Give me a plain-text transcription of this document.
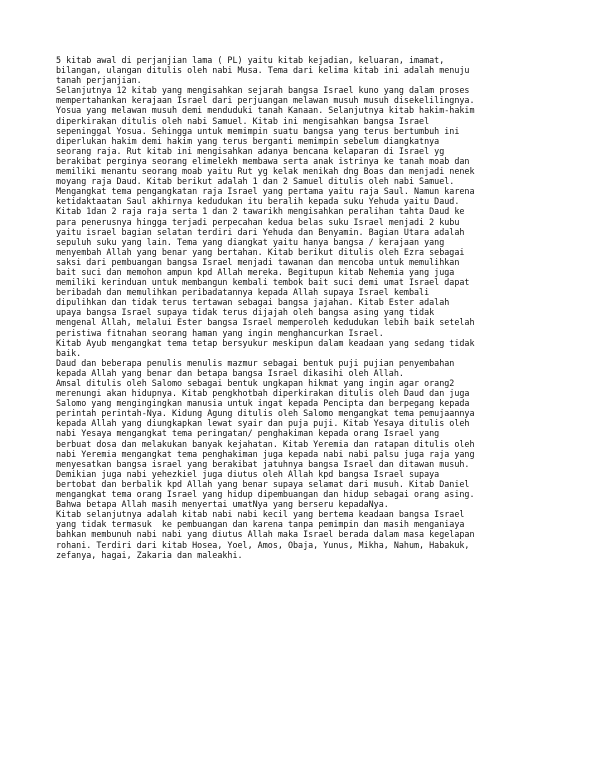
5 kitab awal di perjanjian lama ( PL) yaitu kitab kejadian, keluaran, imamat,
bilangan, ulangan ditulis oleh nabi Musa. Tema dari kelima kitab ini adalah menuju
tanah perjanjian.
Selanjutnya 12 kitab yang mengisahkan sejarah bangsa Israel kuno yang dalam proses
mempertahankan kerajaan Israel dari perjuangan melawan musuh musuh disekelilingnya.
Yosua yang melawan musuh demi menduduki tanah Kanaan. Selanjutnya kitab hakim-hakim
diperkirakan ditulis oleh nabi Samuel. Kitab ini mengisahkan bangsa Israel
sepeninggal Yosua. Sehingga untuk memimpin suatu bangsa yang terus bertumbuh ini
diperlukan hakim demi hakim yang terus berganti memimpin sebelum diangkatnya
seorang raja. Rut kitab ini mengisahkan adanya bencana kelaparan di Israel yg
berakibat perginya seorang elimelekh membawa serta anak istrinya ke tanah moab dan
memiliki menantu seorang moab yaitu Rut yg kelak menikah dng Boas dan menjadi nenek
moyang raja Daud. Kitab berikut adalah 1 dan 2 Samuel ditulis oleh nabi Samuel.
Mengangkat tema pengangkatan raja Israel yang pertama yaitu raja Saul. Namun karena
ketidaktaatan Saul akhirnya kedudukan itu beralih kepada suku Yehuda yaitu Daud.
Kitab 1dan 2 raja raja serta 1 dan 2 tawarikh mengisahkan peralihan tahta Daud ke
para penerusnya hingga terjadi perpecahan kedua belas suku Israel menjadi 2 kubu
yaitu israel bagian selatan terdiri dari Yehuda dan Benyamin. Bagian Utara adalah
sepuluh suku yang lain. Tema yang diangkat yaitu hanya bangsa / kerajaan yang
menyembah Allah yang benar yang bertahan. Kitab berikut ditulis oleh Ezra sebagai
saksi dari pembuangan bangsa Israel menjadi tawanan dan mencoba untuk memulihkan
bait suci dan memohon ampun kpd Allah mereka. Begitupun kitab Nehemia yang juga
memiliki kerinduan untuk membangun kembali tembok bait suci demi umat Israel dapat
beribadah dan memulihkan peribadatannya kepada Allah supaya Israel kembali
dipulihkan dan tidak terus tertawan sebagai bangsa jajahan. Kitab Ester adalah
upaya bangsa Israel supaya tidak terus dijajah oleh bangsa asing yang tidak
mengenal Allah, melalui Ester bangsa Israel memperoleh kedudukan lebih baik setelah
peristiwa fitnahan seorang haman yang ingin menghancurkan Israel.
Kitab Ayub mengangkat tema tetap bersyukur meskipun dalam keadaan yang sedang tidak
baik.
Daud dan beberapa penulis menulis mazmur sebagai bentuk puji pujian penyembahan
kepada Allah yang benar dan betapa bangsa Israel dikasihi oleh Allah.
Amsal ditulis oleh Salomo sebagai bentuk ungkapan hikmat yang ingin agar orang2
merenungi akan hidupnya. Kitab pengkhotbah diperkirakan ditulis oleh Daud dan juga
Salomo yang mengingingkan manusia untuk ingat kepada Pencipta dan berpegang kepada
perintah perintah-Nya. Kidung Agung ditulis oleh Salomo mengangkat tema pemujaannya
kepada Allah yang diungkapkan lewat syair dan puja puji. Kitab Yesaya ditulis oleh
nabi Yesaya mengangkat tema peringatan/ penghakiman kepada orang Israel yang
berbuat dosa dan melakukan banyak kejahatan. Kitab Yeremia dan ratapan ditulis oleh
nabi Yeremia mengangkat tema penghakiman juga kepada nabi nabi palsu juga raja yang
menyesatkan bangsa israel yang berakibat jatuhnya bangsa Israel dan ditawan musuh.
Demikian juga nabi yehezkiel juga diutus oleh Allah kpd bangsa Israel supaya
bertobat dan berbalik kpd Allah yang benar supaya selamat dari musuh. Kitab Daniel
mengangkat tema orang Israel yang hidup dipembuangan dan hidup sebagai orang asing.
Bahwa betapa Allah masih menyertai umatNya yang berseru kepadaNya.
Kitab selanjutnya adalah kitab nabi nabi kecil yang bertema keadaan bangsa Israel
yang tidak termasuk  ke pembuangan dan karena tanpa pemimpin dan masih menganiaya
bahkan membunuh nabi nabi yang diutus Allah maka Israel berada dalam masa kegelapan
rohani. Terdiri dari kitab Hosea, Yoel, Amos, Obaja, Yunus, Mikha, Nahum, Habakuk,
zefanya, hagai, Zakaria dan maleakhi.
